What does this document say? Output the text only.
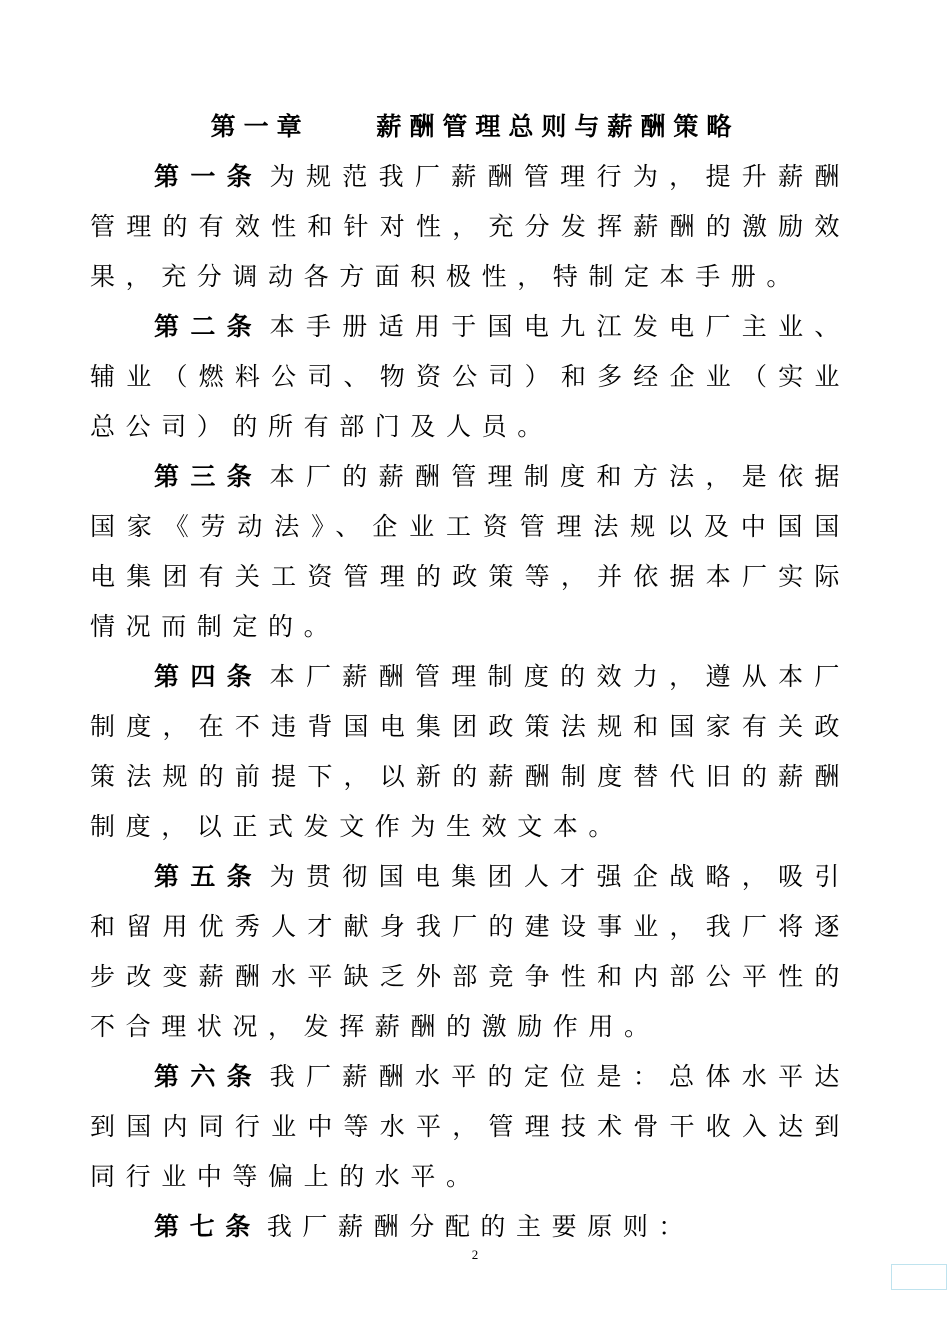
第一章    薪酬管理总则与薪酬策略

第一条 为规范我厂薪酬管理行为，提升薪酬管理的有效性和针对性，充分发挥薪酬的激励效果，充分调动各方面积极性，特制定本手册。

第二条 本手册适用于国电九江发电厂主业、辅业（燃料公司、物资公司）和多经企业（实业总公司）的所有部门及人员。

第三条 本厂的薪酬管理制度和方法，是依据国家《劳动法》、企业工资管理法规以及中国国电集团有关工资管理的政策等，并依据本厂实际情况而制定的。

第四条 本厂薪酬管理制度的效力，遵从本厂制度，在不违背国电集团政策法规和国家有关政策法规的前提下，以新的薪酬制度替代旧的薪酬制度，以正式发文作为生效文本。

第五条 为贯彻国电集团人才强企战略，吸引和留用优秀人才献身我厂的建设事业，我厂将逐步改变薪酬水平缺乏外部竞争性和内部公平性的不合理状况，发挥薪酬的激励作用。

第六条 我厂薪酬水平的定位是：总体水平达到国内同行业中等水平，管理技术骨干收入达到同行业中等偏上的水平。

第七条 我厂薪酬分配的主要原则：

2
